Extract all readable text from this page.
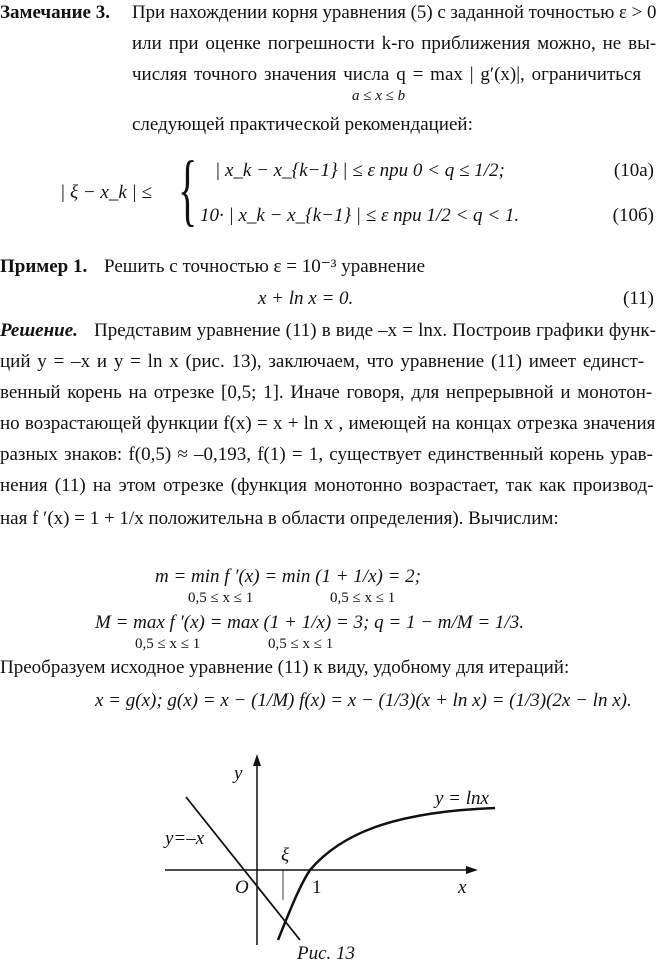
Замечание 3. При нахождении корня уравнения (5) с заданной точностью ε > 0
или при оценке погрешности k-го приближения можно, не вы-
числяя точного значения числа q = max | g′(x)|, ограничиться
a ≤ x ≤ b
следующей практической рекомендацией:
| ξ − x_k | ≤ { | x_k − x_{k−1} | ≤ ε при 0 < q ≤ 1/2;
10· | x_k − x_{k−1} | ≤ ε при 1/2 < q < 1.
(10а)
(10б)
Пример 1. Решить с точностью ε = 10⁻³ уравнение
x + ln x = 0.	(11)
Решение. Представим уравнение (11) в виде –x = lnx. Построив графики функ-
ций y = –x и y = ln x (рис. 13), заключаем, что уравнение (11) имеет единст-
венный корень на отрезке [0,5; 1]. Иначе говоря, для непрерывной и монотон-
но возрастающей функции f(x) = x + ln x , имеющей на концах отрезка значения
разных знаков: f(0,5) ≈ –0,193, f(1) = 1, существует единственный корень урав-
нения (11) на этом отрезке (функция монотонно возрастает, так как производ-
ная f ′(x) = 1 + 1/x положительна в области определения). Вычислим:
m = min f ′(x) = min (1 + 1/x) = 2;
0,5 ≤ x ≤ 1	0,5 ≤ x ≤ 1
M = max f ′(x) = max (1 + 1/x) = 3; q = 1 − m/M = 1/3.
0,5 ≤ x ≤ 1	0,5 ≤ x ≤ 1
Преобразуем исходное уравнение (11) к виду, удобному для итераций:
x = g(x); g(x) = x − (1/M) f(x) = x − (1/3)(x + ln x) = (1/3)(2x − ln x).
y
x
O	1
ξ
y = lnx
y=–x
Рис. 13
